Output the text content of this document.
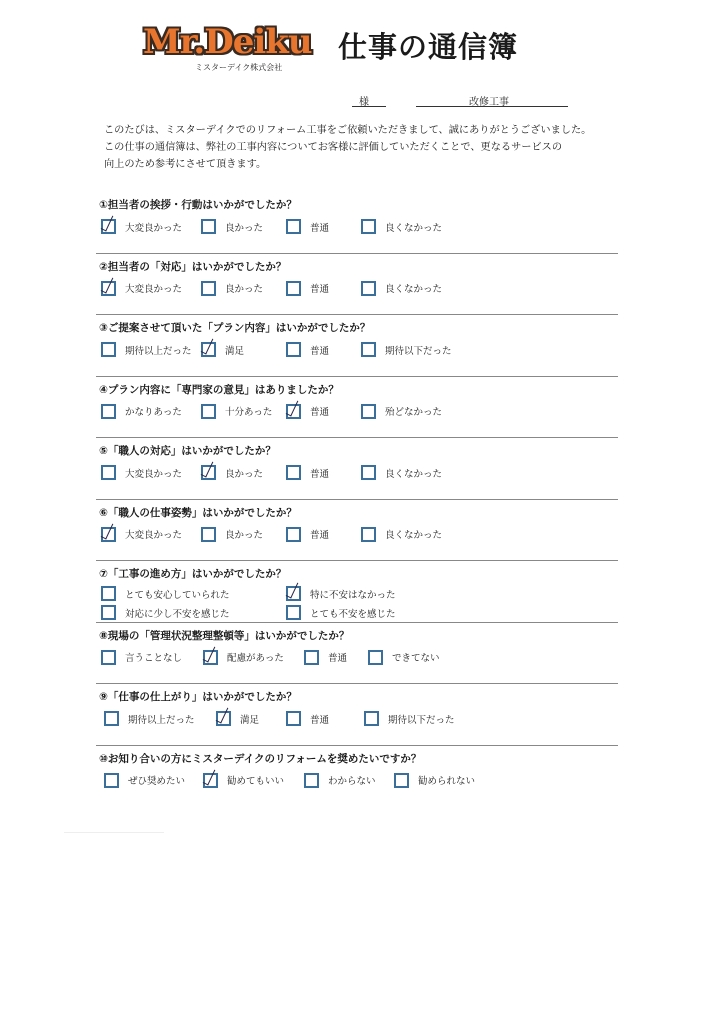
Mr.Deiku
ミスターデイク株式会社
仕事の通信簿
様	改修工事

このたびは、ミスターデイクでのリフォーム工事をご依頼いただきまして、誠にありがとうございました。

この仕事の通信簿は、弊社の工事内容についてお客様に評価していただくことで、更なるサービスの

向上のため参考にさせて頂きます。

①担当者の挨拶・行動はいかがでしたか？
大変良かった	良かった	普通	良くなかった
②担当者の「対応」はいかがでしたか？
大変良かった	良かった	普通	良くなかった
③ご提案させて頂いた「プラン内容」はいかがでしたか？
期待以上だった	満足	普通	期待以下だった
④プラン内容に「専門家の意見」はありましたか？
かなりあった	十分あった	普通	殆どなかった
⑤「職人の対応」はいかがでしたか？
大変良かった	良かった	普通	良くなかった
⑥「職人の仕事姿勢」はいかがでしたか？
大変良かった	良かった	普通	良くなかった
⑦「工事の進め方」はいかがでしたか？
とても安心していられた	特に不安はなかった
対応に少し不安を感じた	とても不安を感じた
⑧現場の「管理状況整理整頓等」はいかがでしたか？
言うことなし	配慮があった	普通	できてない
⑨「仕事の仕上がり」はいかがでしたか？
期待以上だった	満足	普通	期待以下だった
⑩お知り合いの方にミスターデイクのリフォームを奨めたいですか？
ぜひ奨めたい	勧めてもいい	わからない	勧められない
